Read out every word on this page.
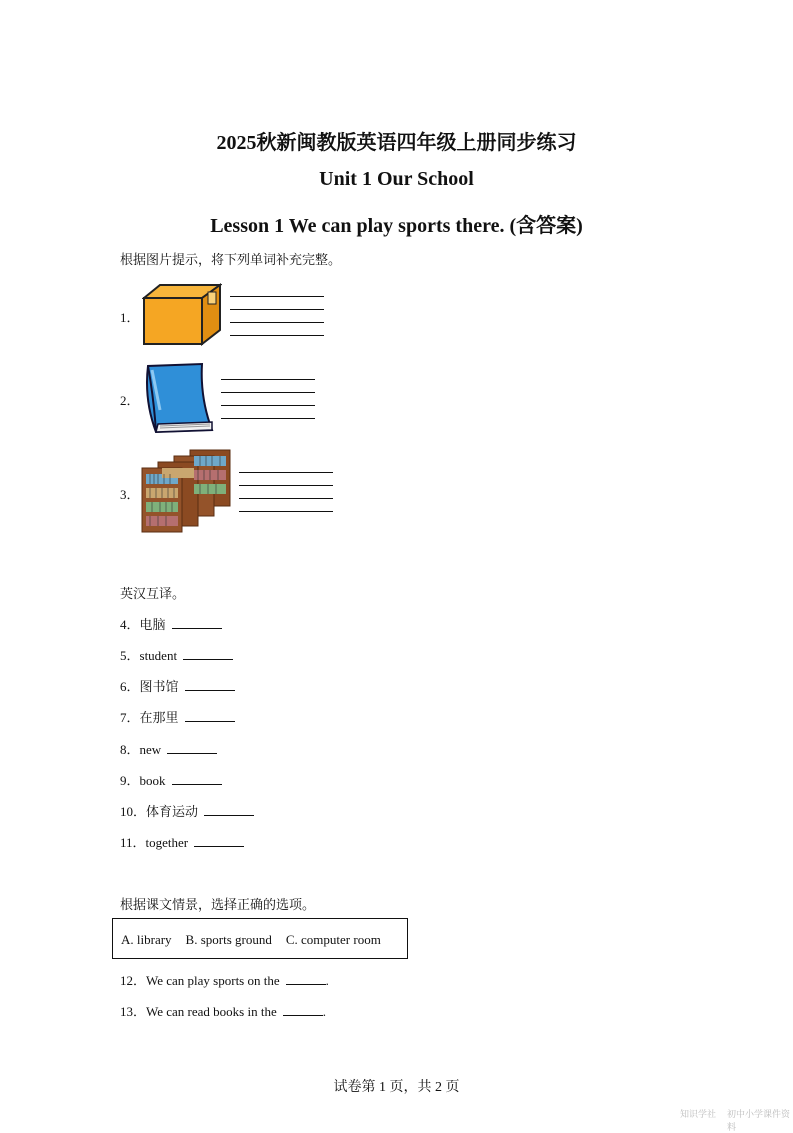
2025秋新闽教版英语四年级上册同步练习
Unit 1 Our School
Lesson 1 We can play sports there. (含答案)
根据图片提示，将下列单词补充完整。
1．
2．
3．
英汉互译。
4．电脑
5．student
6．图书馆
7．在那里
8．new
9．book
10．体育运动
11．together
根据课文情景，选择正确的选项。
A. library B. sports ground C. computer room
12．We can play sports on the	.
13．We can read books in the	.
试卷第 1 页，共 2 页
知识学社 初中小学课件资料
